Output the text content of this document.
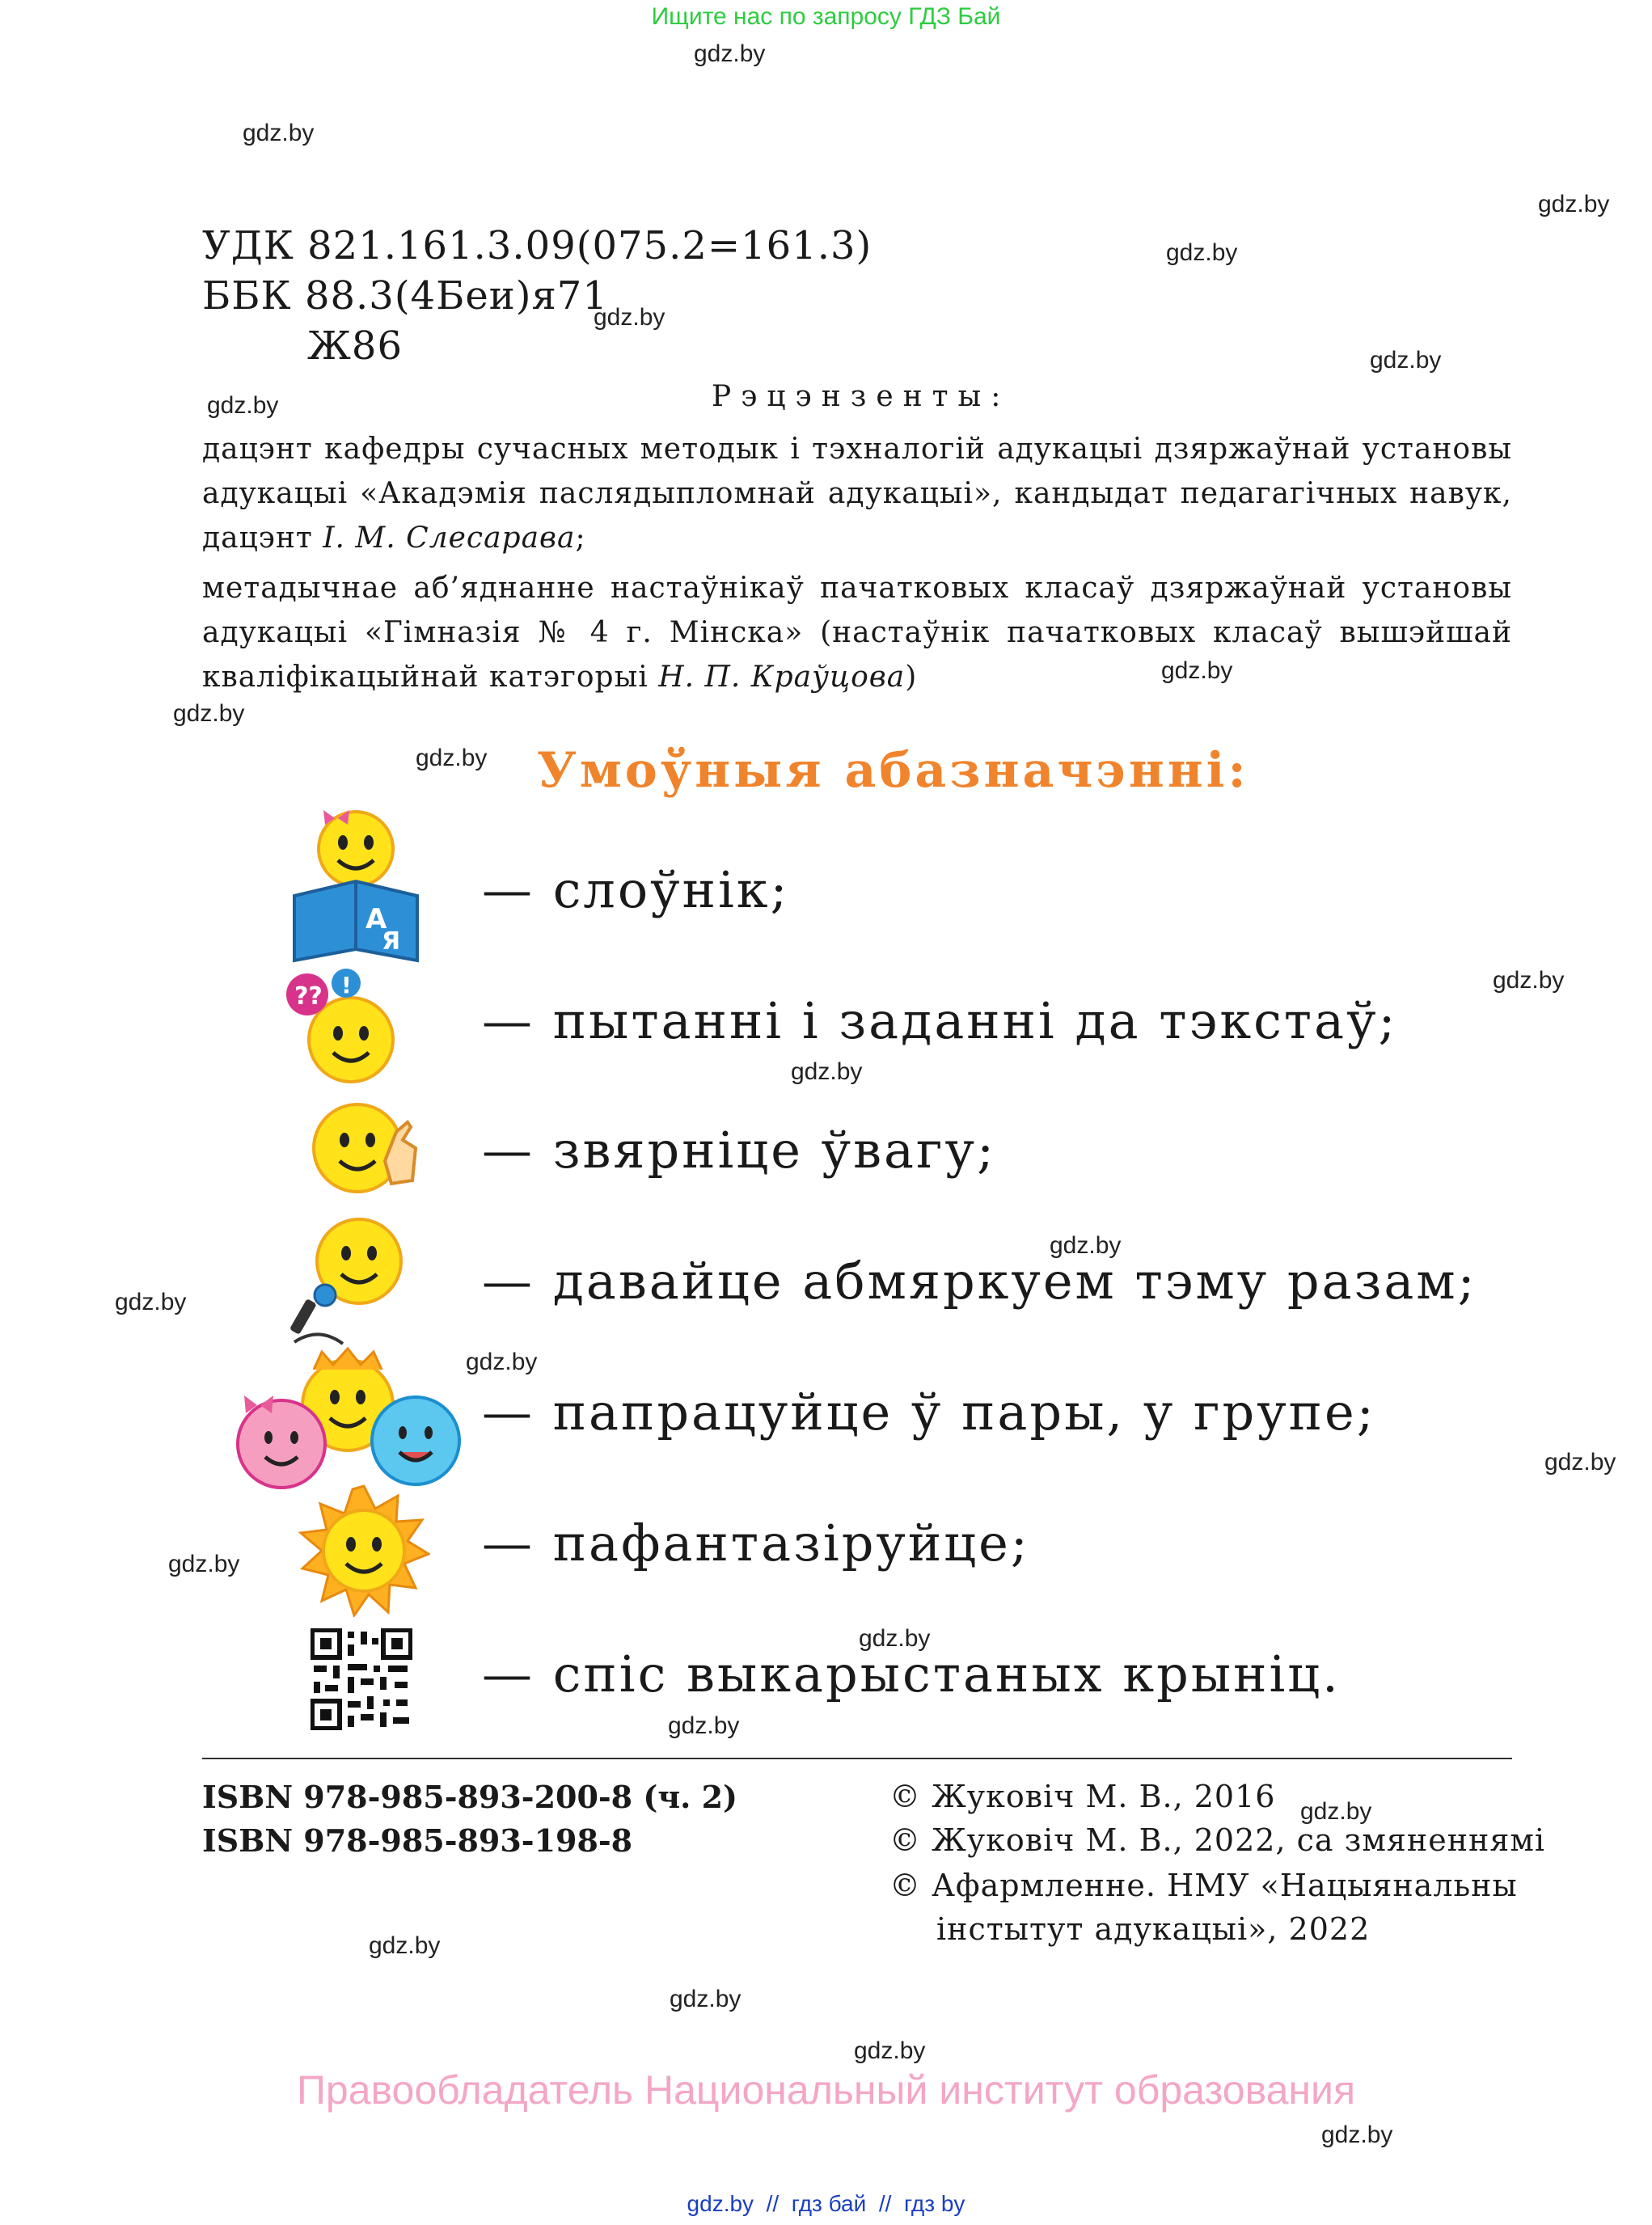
Ищите нас по запросу ГДЗ Бай
gdz.by
gdz.by
gdz.by
gdz.by
gdz.by
gdz.by
gdz.by
gdz.by
gdz.by
gdz.by
gdz.by
gdz.by
gdz.by
gdz.by
gdz.by
gdz.by
gdz.by
gdz.by
gdz.by
gdz.by
gdz.by
gdz.by
gdz.by
gdz.by
УДК 821.161.3.09(075.2=161.3)
ББК 88.3(4Беи)я71
Ж86
Рэцэнзенты:
дацэнт кафедры сучасных методык і тэхналогій адукацыі дзяржаўнай установы
адукацыі «Акадэмія паслядыпломнай адукацыі», кандыдат педагагічных навук,
дацэнт І. М. Слесарава;
метадычнае аб’яднанне настаўнікаў пачатковых класаў дзяржаўнай установы
адукацыі «Гімназія № 4 г. Мінска» (настаўнік пачатковых класаў вышэйшай
кваліфікацыйнай катэгорыі Н. П. Краўцова)
Умоўныя абазначэнні:
А
Я
— слоўнік;
?? !
— пытанні і заданні да тэкстаў;
— звярніце ўвагу;
— давайце абмяркуем тэму разам;
— папрацуйце ў пары, у групе;
— пафантазіруйце;
— спіс выкарыстаных крыніц.
ISBN 978-985-893-200-8 (ч. 2)
ISBN 978-985-893-198-8
© Жуковіч М. В., 2016
© Жуковіч М. В., 2022, са змяненнямі
© Афармленне. НМУ «Нацыянальны
інстытут адукацыі», 2022
Правообладатель Национальный институт образования
gdz.by // гдз бай // гдз by
